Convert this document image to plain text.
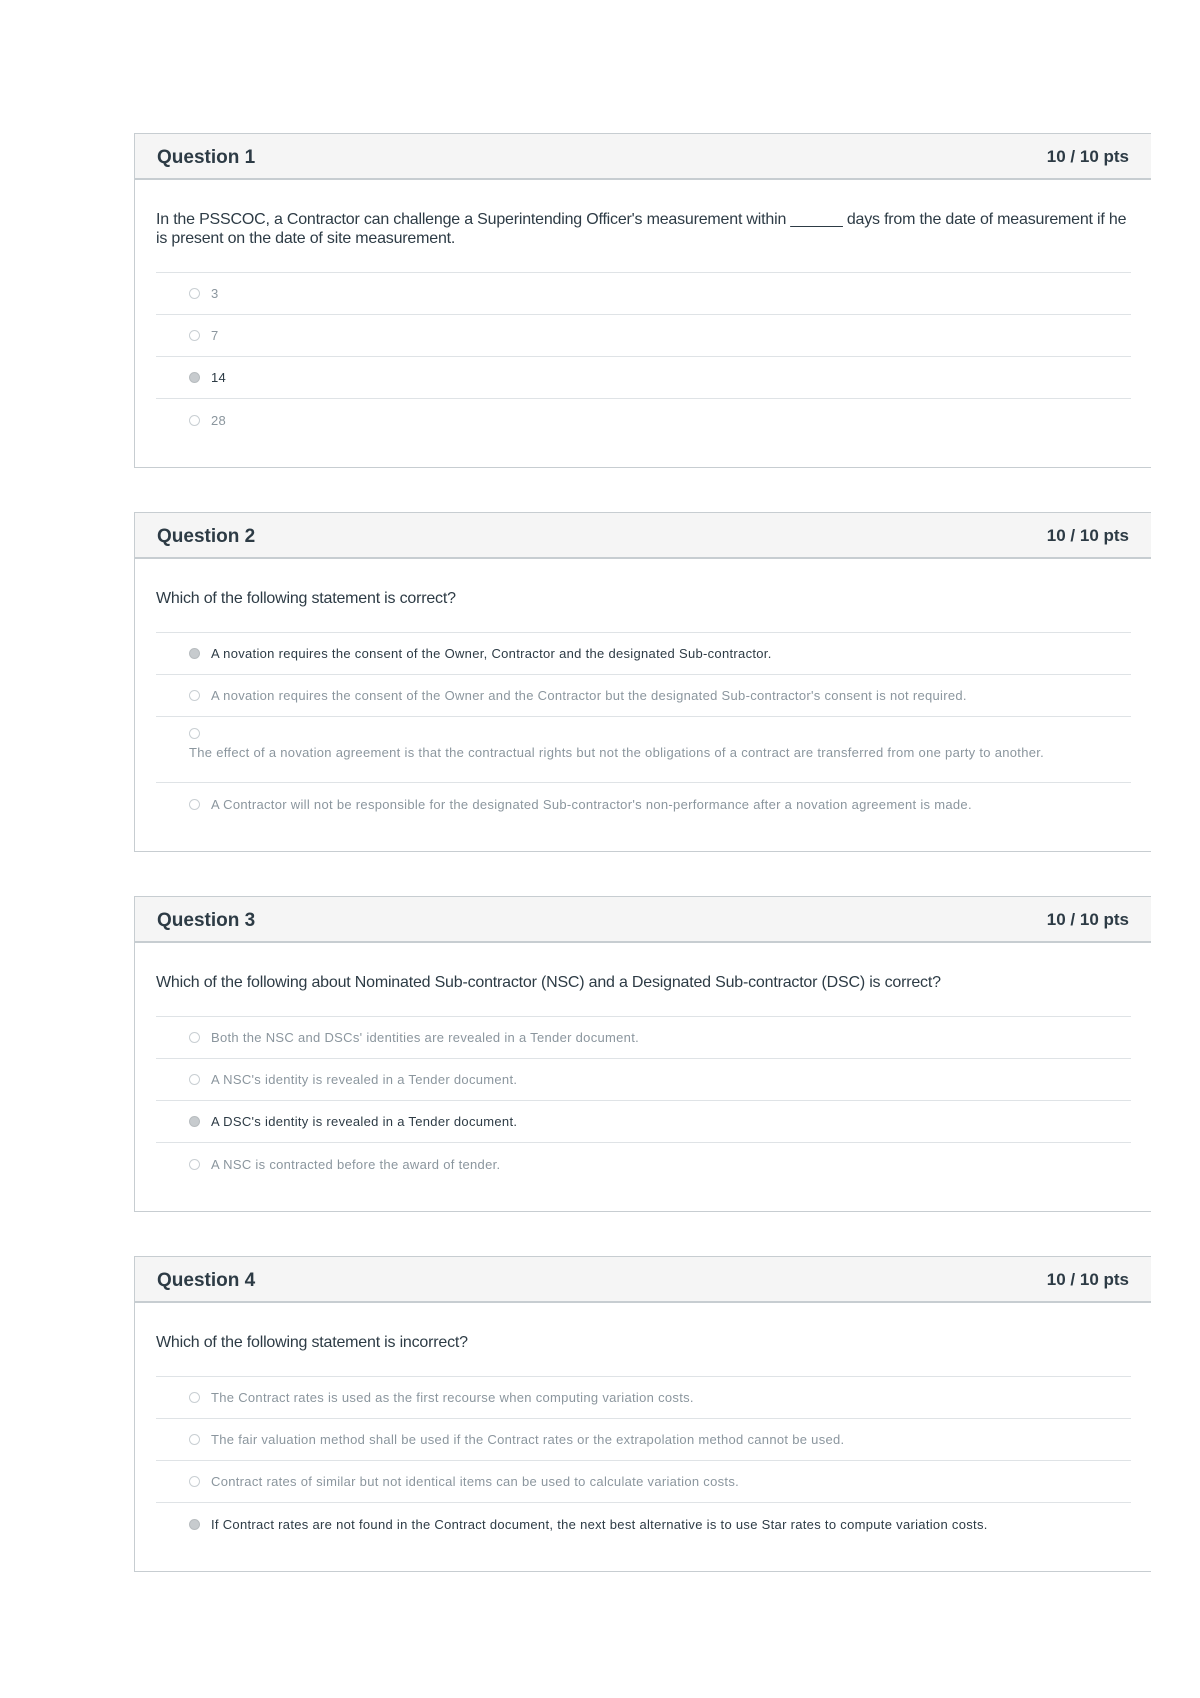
Question 1	10 / 10 pts

In the PSSCOC, a Contractor can challenge a Superintending Officer's measurement within ______ days from the date of measurement if he is present on the date of site measurement.

3
7
14
28
Question 2	10 / 10 pts

Which of the following statement is correct?

A novation requires the consent of the Owner, Contractor and the designated Sub-contractor.
A novation requires the consent of the Owner and the Contractor but the designated Sub-contractor's consent is not required.
The effect of a novation agreement is that the contractual rights but not the obligations of a contract are transferred from one party to another.
A Contractor will not be responsible for the designated Sub-contractor's non-performance after a novation agreement is made.
Question 3	10 / 10 pts

Which of the following about Nominated Sub-contractor (NSC) and a Designated Sub-contractor (DSC) is correct?

Both the NSC and DSCs' identities are revealed in a Tender document.
A NSC's identity is revealed in a Tender document.
A DSC's identity is revealed in a Tender document.
A NSC is contracted before the award of tender.
Question 4	10 / 10 pts

Which of the following statement is incorrect?

The Contract rates is used as the first recourse when computing variation costs.
The fair valuation method shall be used if the Contract rates or the extrapolation method cannot be used.
Contract rates of similar but not identical items can be used to calculate variation costs.
If Contract rates are not found in the Contract document, the next best alternative is to use Star rates to compute variation costs.
